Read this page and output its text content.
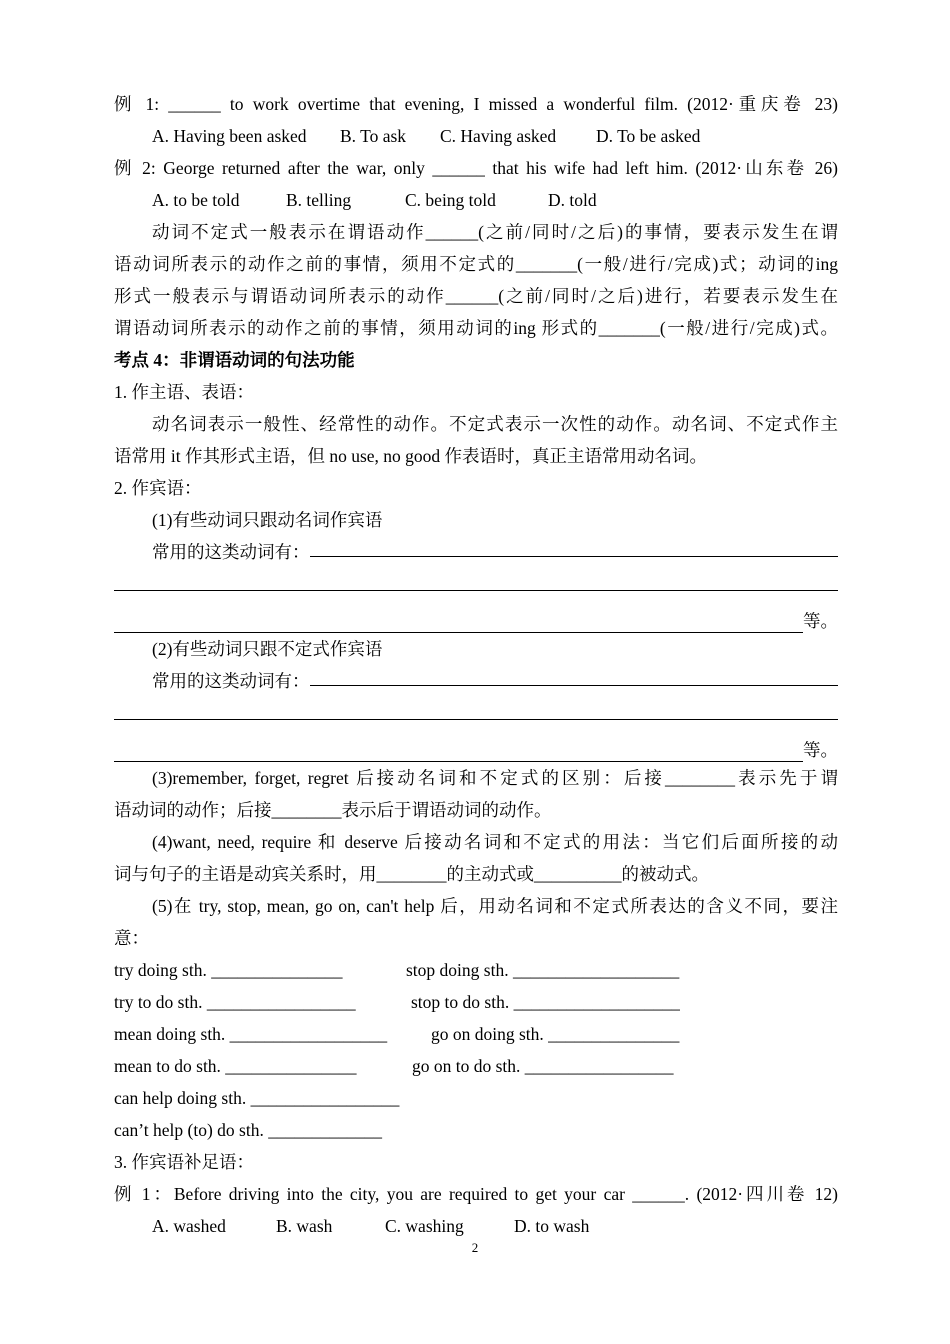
例 1: ______ to work overtime that evening, I missed a wonderful film. (2012·重庆卷 23)
A. Having been asked B. To ask C. Having asked D. To be asked
例 2: George returned after the war, only ______ that his wife had left him. (2012·山东卷 26)
A. to be told	B. telling	C. being told	D. told
动词不定式一般表示在谓语动作______(之前/同时/之后)的事情，要表示发生在谓
语动词所表示的动作之前的事情，须用不定式的_______(一般/进行/完成)式；动词的ing
形式一般表示与谓语动词所表示的动作______(之前/同时/之后)进行，若要表示发生在
谓语动词所表示的动作之前的事情，须用动词的ing 形式的_______(一般/进行/完成)式。
考点 4：非谓语动词的句法功能
1. 作主语、表语：
动名词表示一般性、经常性的动作。不定式表示一次性的动作。动名词、不定式作主
语常用 it 作其形式主语，但 no use, no good 作表语时，真正主语常用动名词。
2. 作宾语：
(1)有些动词只跟动名词作宾语
常用的这类动词有：
等。
(2)有些动词只跟不定式作宾语
常用的这类动词有：
等。
(3)remember, forget, regret 后接动名词和不定式的区别：后接________表示先于谓
语动词的动作；后接________表示后于谓语动词的动作。
(4)want, need, require 和 deserve 后接动名词和不定式的用法：当它们后面所接的动
词与句子的主语是动宾关系时，用________的主动式或__________的被动式。
(5)在 try, stop, mean, go on, can't help 后，用动名词和不定式所表达的含义不同，要注
意：
try doing sth. _______________	stop doing sth. ___________________
try to do sth. _________________	stop to do sth. ___________________
mean doing sth. __________________	go on doing sth. _______________
mean to do sth. _______________	go on to do sth. _________________
can help doing sth. _________________
can’t help (to) do sth. _____________
3. 作宾语补足语：
例 1：Before driving into the city, you are required to get your car ______. (2012·四川卷 12)
A. washed	B. wash	C. washing	D. to wash
2
